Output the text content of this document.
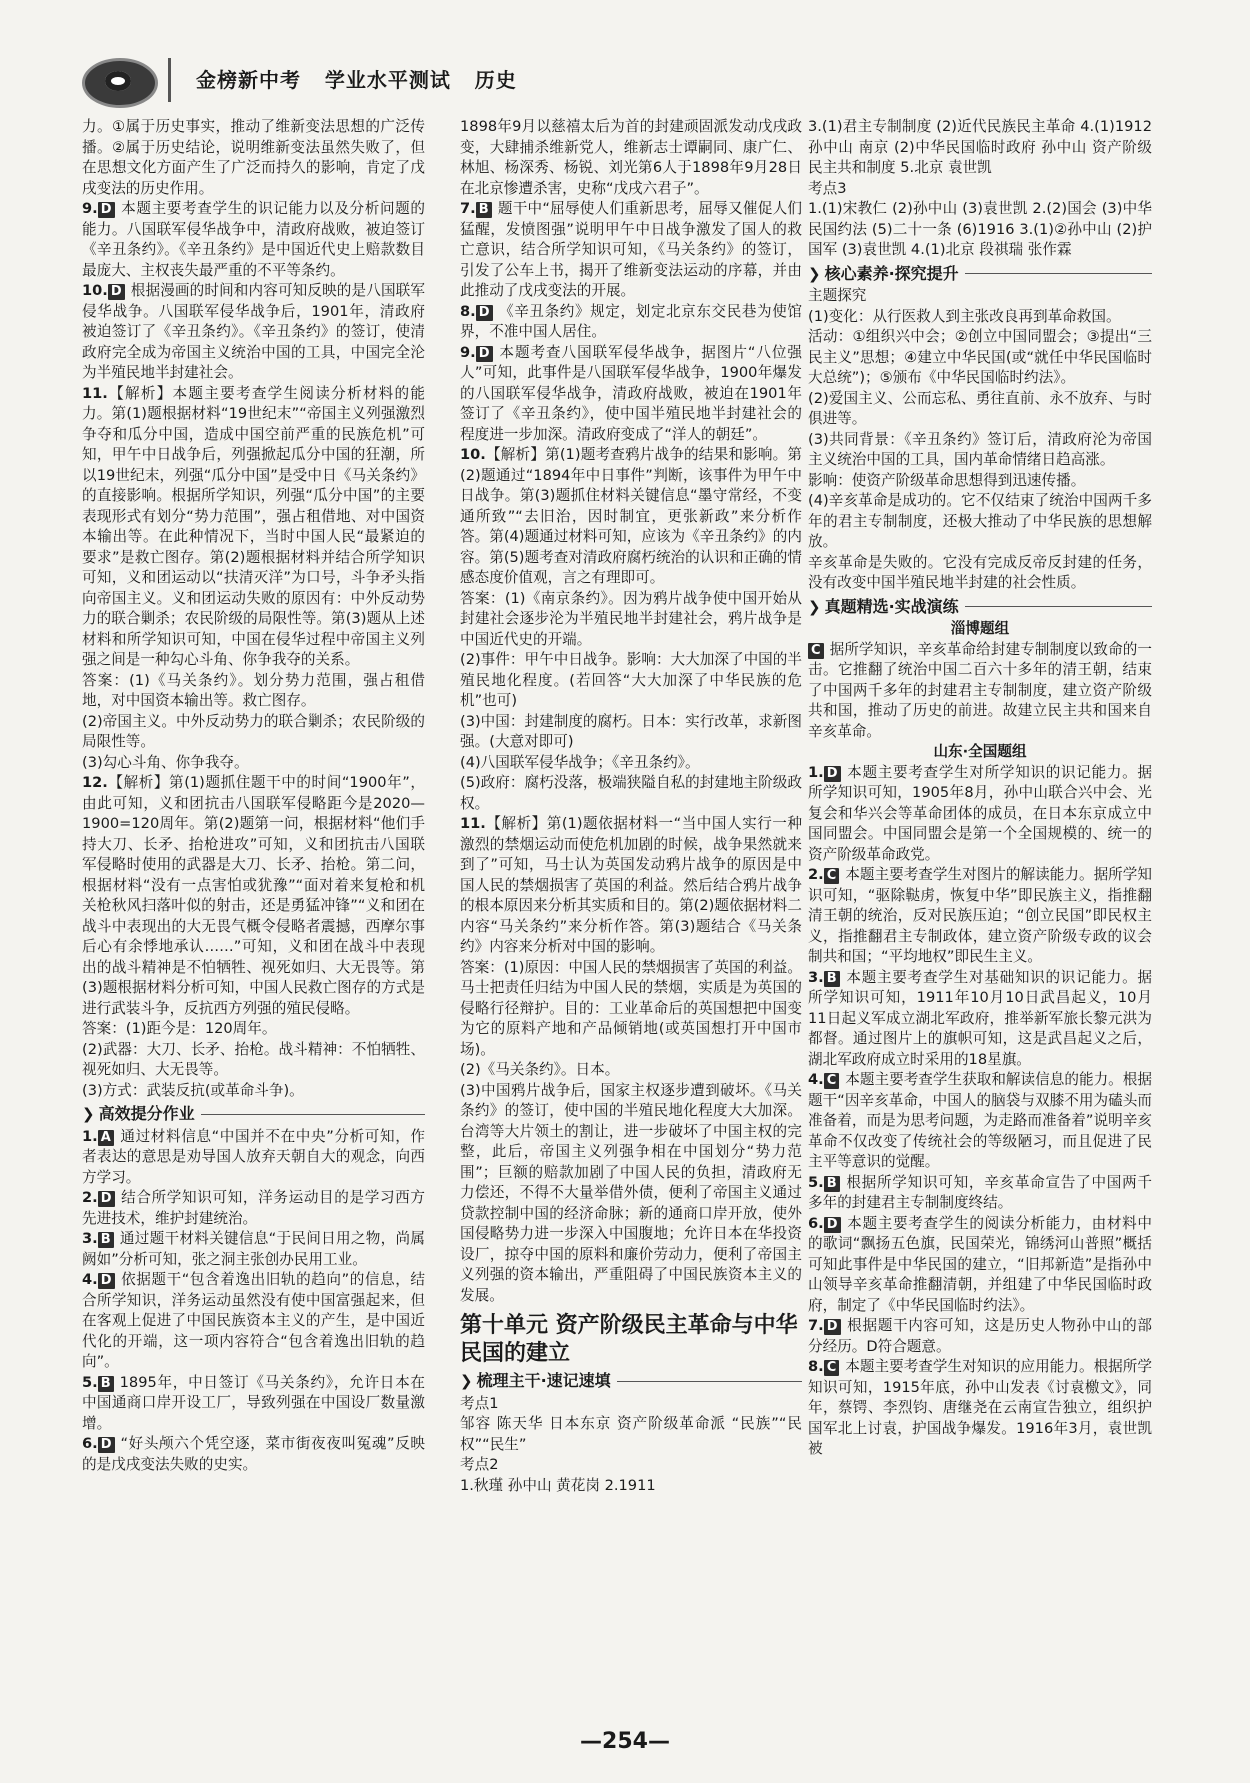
金榜新中考   学业水平测试   历史

力。①属于历史事实，推动了维新变法思想的广泛传播。②属于历史结论，说明维新变法虽然失败了，但在思想文化方面产生了广泛而持久的影响，肯定了戊戌变法的历史作用。

9. D 本题主要考查学生的识记能力以及分析问题的能力。八国联军侵华战争中，清政府战败，被迫签订《辛丑条约》。《辛丑条约》是中国近代史上赔款数目最庞大、主权丧失最严重的不平等条约。

10. D 根据漫画的时间和内容可知反映的是八国联军侵华战争。八国联军侵华战争后，1901年，清政府被迫签订了《辛丑条约》。《辛丑条约》的签订，使清政府完全成为帝国主义统治中国的工具，中国完全沦为半殖民地半封建社会。

11.【解析】本题主要考查学生阅读分析材料的能力。第(1)题根据材料“19世纪末”“帝国主义列强激烈争夺和瓜分中国，造成中国空前严重的民族危机”可知，甲午中日战争后，列强掀起瓜分中国的狂潮，所以19世纪末，列强“瓜分中国”是受中日《马关条约》的直接影响。根据所学知识，列强“瓜分中国”的主要表现形式有划分“势力范围”，强占租借地、对中国资本输出等。在此种情况下，当时中国人民“最紧迫的要求”是救亡图存。第(2)题根据材料并结合所学知识可知，义和团运动以“扶清灭洋”为口号，斗争矛头指向帝国主义。义和团运动失败的原因有：中外反动势力的联合剿杀；农民阶级的局限性等。第(3)题从上述材料和所学知识可知，中国在侵华过程中帝国主义列强之间是一种勾心斗角、你争我夺的关系。

答案：(1)《马关条约》。划分势力范围，强占租借地，对中国资本输出等。救亡图存。

(2)帝国主义。中外反动势力的联合剿杀；农民阶级的局限性等。

(3)勾心斗角、你争我夺。

12.【解析】第(1)题抓住题干中的时间“1900年”，由此可知，义和团抗击八国联军侵略距今是2020—1900=120周年。第(2)题第一问，根据材料“他们手持大刀、长矛、抬枪进攻”可知，义和团抗击八国联军侵略时使用的武器是大刀、长矛、抬枪。第二问，根据材料“没有一点害怕或犹豫”“面对着来复枪和机关枪秋风扫落叶似的射击，还是勇猛冲锋”“义和团在战斗中表现出的大无畏气概令侵略者震撼，西摩尔事后心有余悸地承认……”可知，义和团在战斗中表现出的战斗精神是不怕牺牲、视死如归、大无畏等。第(3)题根据材料分析可知，中国人民救亡图存的方式是进行武装斗争，反抗西方列强的殖民侵略。

答案：(1)距今是：120周年。

(2)武器：大刀、长矛、抬枪。战斗精神：不怕牺牲、视死如归、大无畏等。

(3)方式：武装反抗(或革命斗争)。

❯ 高效提分作业

1. A 通过材料信息“中国并不在中央”分析可知，作者表达的意思是劝导国人放弃天朝自大的观念，向西方学习。

2. D 结合所学知识可知，洋务运动目的是学习西方先进技术，维护封建统治。

3. B 通过题干材料关键信息“于民间日用之物，尚属阙如”分析可知，张之洞主张创办民用工业。

4. D 依据题干“包含着逸出旧轨的趋向”的信息，结合所学知识，洋务运动虽然没有使中国富强起来，但在客观上促进了中国民族资本主义的产生，是中国近代化的开端，这一项内容符合“包含着逸出旧轨的趋向”。

5. B 1895年，中日签订《马关条约》，允许日本在中国通商口岸开设工厂，导致列强在中国设厂数量激增。

6. D “好头颅六个凭空逐，菜市街夜夜叫冤魂”反映的是戊戌变法失败的史实。

1898年9月以慈禧太后为首的封建顽固派发动戊戌政变，大肆捕杀维新党人，维新志士谭嗣同、康广仁、林旭、杨深秀、杨锐、刘光第6人于1898年9月28日在北京惨遭杀害，史称“戊戌六君子”。

7. B 题干中“屈辱使人们重新思考，屈辱又催促人们猛醒，发愤图强”说明甲午中日战争激发了国人的救亡意识，结合所学知识可知，《马关条约》的签订，引发了公车上书，揭开了维新变法运动的序幕，并由此推动了戊戌变法的开展。

8. D 《辛丑条约》规定，划定北京东交民巷为使馆界，不准中国人居住。

9. D 本题考查八国联军侵华战争，据图片“八位强人”可知，此事件是八国联军侵华战争，1900年爆发的八国联军侵华战争，清政府战败，被迫在1901年签订了《辛丑条约》，使中国半殖民地半封建社会的程度进一步加深。清政府变成了“洋人的朝廷”。

10.【解析】第(1)题考查鸦片战争的结果和影响。第(2)题通过“1894年中日事件”判断，该事件为甲午中日战争。第(3)题抓住材料关键信息“墨守常经，不变通所致”“去旧治，因时制宜，更张新政”来分析作答。第(4)题通过材料可知，应该为《辛丑条约》的内容。第(5)题考查对清政府腐朽统治的认识和正确的情感态度价值观，言之有理即可。

答案：(1)《南京条约》。因为鸦片战争使中国开始从封建社会逐步沦为半殖民地半封建社会，鸦片战争是中国近代史的开端。

(2)事件：甲午中日战争。影响：大大加深了中国的半殖民地化程度。(若回答“大大加深了中华民族的危机”也可)

(3)中国：封建制度的腐朽。日本：实行改革，求新图强。(大意对即可)

(4)八国联军侵华战争；《辛丑条约》。

(5)政府：腐朽没落，极端狭隘自私的封建地主阶级政权。

11.【解析】第(1)题依据材料一“当中国人实行一种激烈的禁烟运动而使危机加剧的时候，战争果然就来到了”可知，马士认为英国发动鸦片战争的原因是中国人民的禁烟损害了英国的利益。然后结合鸦片战争的根本原因来分析其实质和目的。第(2)题依据材料二内容“马关条约”来分析作答。第(3)题结合《马关条约》内容来分析对中国的影响。

答案：(1)原因：中国人民的禁烟损害了英国的利益。马士把责任归结为中国人民的禁烟，实质是为英国的侵略行径辩护。目的：工业革命后的英国想把中国变为它的原料产地和产品倾销地(或英国想打开中国市场)。

(2)《马关条约》。日本。

(3)中国鸦片战争后，国家主权逐步遭到破坏。《马关条约》的签订，使中国的半殖民地化程度大大加深。台湾等大片领土的割让，进一步破坏了中国主权的完整，此后，帝国主义列强争相在中国划分“势力范围”；巨额的赔款加剧了中国人民的负担，清政府无力偿还，不得不大量举借外债，便利了帝国主义通过贷款控制中国的经济命脉；新的通商口岸开放，使外国侵略势力进一步深入中国腹地；允许日本在华投资设厂，掠夺中国的原料和廉价劳动力，便利了帝国主义列强的资本输出，严重阻碍了中国民族资本主义的发展。

第十单元 资产阶级民主革命与中华民国的建立
❯ 梳理主干·速记速填

考点1

邹容 陈天华 日本东京 资产阶级革命派 “民族”“民权”“民生”

考点2

1.秋瑾 孙中山 黄花岗 2.1911

3.(1)君主专制制度 (2)近代民族民主革命 4.(1)1912 孙中山 南京 (2)中华民国临时政府 孙中山 资产阶级 民主共和制度 5.北京 袁世凯

考点3

1.(1)宋教仁 (2)孙中山 (3)袁世凯 2.(2)国会 (3)中华民国约法 (5)二十一条 (6)1916 3.(1)②孙中山 (2)护国军 (3)袁世凯 4.(1)北京 段祺瑞 张作霖

❯ 核心素养·探究提升

主题探究

(1)变化：从行医救人到主张改良再到革命救国。

活动：①组织兴中会；②创立中国同盟会；③提出“三民主义”思想；④建立中华民国(或“就任中华民国临时大总统”)；⑤颁布《中华民国临时约法》。

(2)爱国主义、公而忘私、勇往直前、永不放弃、与时俱进等。

(3)共同背景：《辛丑条约》签订后，清政府沦为帝国主义统治中国的工具，国内革命情绪日趋高涨。

影响：使资产阶级革命思想得到迅速传播。

(4)辛亥革命是成功的。它不仅结束了统治中国两千多年的君主专制制度，还极大推动了中华民族的思想解放。

辛亥革命是失败的。它没有完成反帝反封建的任务，没有改变中国半殖民地半封建的社会性质。

❯ 真题精选·实战演练

淄博题组

C 据所学知识，辛亥革命给封建专制制度以致命的一击。它推翻了统治中国二百六十多年的清王朝，结束了中国两千多年的封建君主专制制度，建立资产阶级共和国，推动了历史的前进。故建立民主共和国来自辛亥革命。

山东·全国题组

1. D 本题主要考查学生对所学知识的识记能力。据所学知识可知，1905年8月，孙中山联合兴中会、光复会和华兴会等革命团体的成员，在日本东京成立中国同盟会。中国同盟会是第一个全国规模的、统一的资产阶级革命政党。

2. C 本题主要考查学生对图片的解读能力。据所学知识可知，“驱除鞑虏，恢复中华”即民族主义，指推翻清王朝的统治，反对民族压迫；“创立民国”即民权主义，指推翻君主专制政体，建立资产阶级专政的议会制共和国；“平均地权”即民生主义。

3. B 本题主要考查学生对基础知识的识记能力。据所学知识可知，1911年10月10日武昌起义，10月11日起义军成立湖北军政府，推举新军旅长黎元洪为都督。通过图片上的旗帜可知，这是武昌起义之后，湖北军政府成立时采用的18星旗。

4. C 本题主要考查学生获取和解读信息的能力。根据题干“因辛亥革命，中国人的脑袋与双膝不用为磕头而准备着，而是为思考问题，为走路而准备着”说明辛亥革命不仅改变了传统社会的等级陋习，而且促进了民主平等意识的觉醒。

5. B 根据所学知识可知，辛亥革命宣告了中国两千多年的封建君主专制制度终结。

6. D 本题主要考查学生的阅读分析能力，由材料中的歌词“飘扬五色旗，民国荣光，锦绣河山普照”概括可知此事件是中华民国的建立，“旧邦新造”是指孙中山领导辛亥革命推翻清朝，并组建了中华民国临时政府，制定了《中华民国临时约法》。

7. D 根据题干内容可知，这是历史人物孙中山的部分经历。D符合题意。

8. C 本题主要考查学生对知识的应用能力。根据所学知识可知，1915年底，孙中山发表《讨袁檄文》，同年，蔡锷、李烈钧、唐继尧在云南宣告独立，组织护国军北上讨袁，护国战争爆发。1916年3月，袁世凯被

—254—
